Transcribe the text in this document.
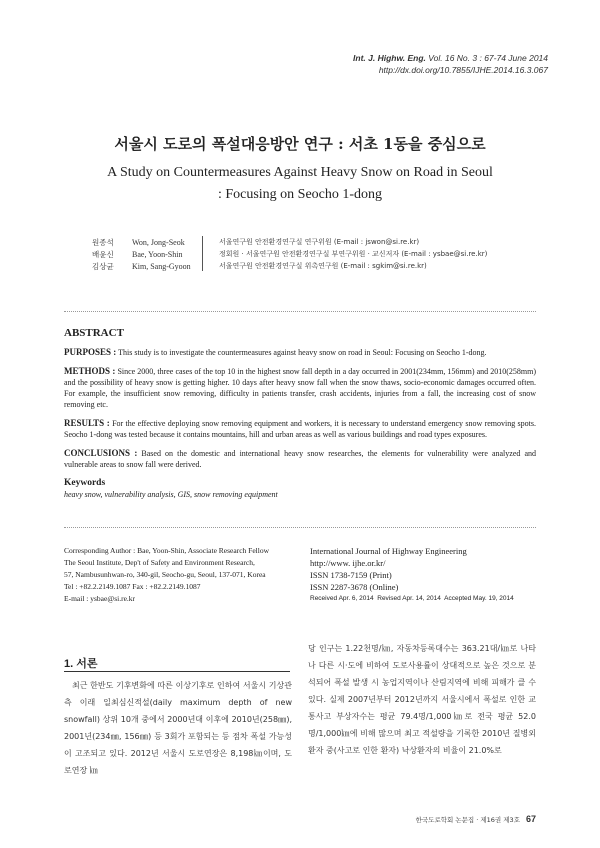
Int. J. Highw. Eng. Vol. 16 No. 3 : 67-74 June 2014
http://dx.doi.org/10.7855/IJHE.2014.16.3.067
서울시 도로의 폭설대응방안 연구 : 서초 1동을 중심으로
A Study on Countermeasures Against Heavy Snow on Road in Seoul
: Focusing on Seocho 1-dong
원종석	Won, Jong-Seok	서울연구원 안전환경연구실 연구위원 (E-mail : jswon@si.re.kr)
배윤신	Bae, Yoon-Shin	정회원 · 서울연구원 안전환경연구실 부연구위원 · 교신저자 (E-mail : ysbae@si.re.kr)
김상균	Kim, Sang-Gyoon	서울연구원 안전환경연구실 위촉연구원 (E-mail : sgkim@si.re.kr)
ABSTRACT

PURPOSES : This study is to investigate the countermeasures against heavy snow on road in Seoul: Focusing on Seocho 1-dong.

METHODS : Since 2000, three cases of the top 10 in the highest snow fall depth in a day occurred in 2001(234mm, 156mm) and 2010(258mm) and the possibility of heavy snow is getting higher. 10 days after heavy snow fall when the snow thaws, socio-economic damages occurred often. For example, the insufficient snow removing, difficulty in patients transfer, crash accidents, injuries from a fall, the increasing cost of snow removing etc.

RESULTS : For the effective deploying snow removing equipment and workers, it is necessary to understand emergency snow removing spots. Seocho 1-dong was tested because it contains mountains, hill and urban areas as well as various buildings and road types exposures.

CONCLUSIONS : Based on the domestic and international heavy snow researches, the elements for vulnerability were analyzed and vulnerable areas to snow fall were derived.

Keywords
heavy snow, vulnerability analysis, GIS, snow removing equipment
Corresponding Author : Bae, Yoon-Shin, Associate Research Fellow
The Seoul Institute, Dep't of Safety and Environment Research,
57, Nambusunhwan-ro, 340-gil, Seocho-gu, Seoul, 137-071, Korea
Tel : +82.2.2149.1087 Fax : +82.2.2149.1087
E-mail : ysbae@si.re.kr
International Journal of Highway Engineering
http://www. ijhe.or.kr/
ISSN 1738-7159 (Print)
ISSN 2287-3678 (Online)
Received Apr. 6, 2014 Revised Apr. 14, 2014 Accepted May. 19, 2014
1. 서론

최근 한반도 기후변화에 따른 이상기후로 인하여 서울시 기상관측 이래 일최심신적설(daily maximum depth of new snowfall) 상위 10개 중에서 2000년대 이후에 2010년(258㎜), 2001년(234㎜, 156㎜) 등 3회가 포함되는 등 점차 폭설 가능성이 고조되고 있다. 2012년 서울시 도로연장은 8,198㎞이며, 도로연장 ㎞

당 인구는 1.22천명/㎞, 자동차등록대수는 363.21대/㎞로 나타나 다른 시·도에 비하여 도로사용률이 상대적으로 높은 것으로 분석되어 폭설 발생 시 농업지역이나 산림지역에 비해 피해가 클 수 있다. 실제 2007년부터 2012년까지 서울시에서 폭설로 인한 교통사고 부상자수는 평균 79.4명/1,000㎞로 전국 평균 52.0명/1,000㎞에 비해 많으며 최고 적설량을 기록한 2010년 질병외환자 중(사고로 인한 환자) 낙상환자의 비율이 21.0%로

한국도로학회 논문집 · 제16권 제3호 67
